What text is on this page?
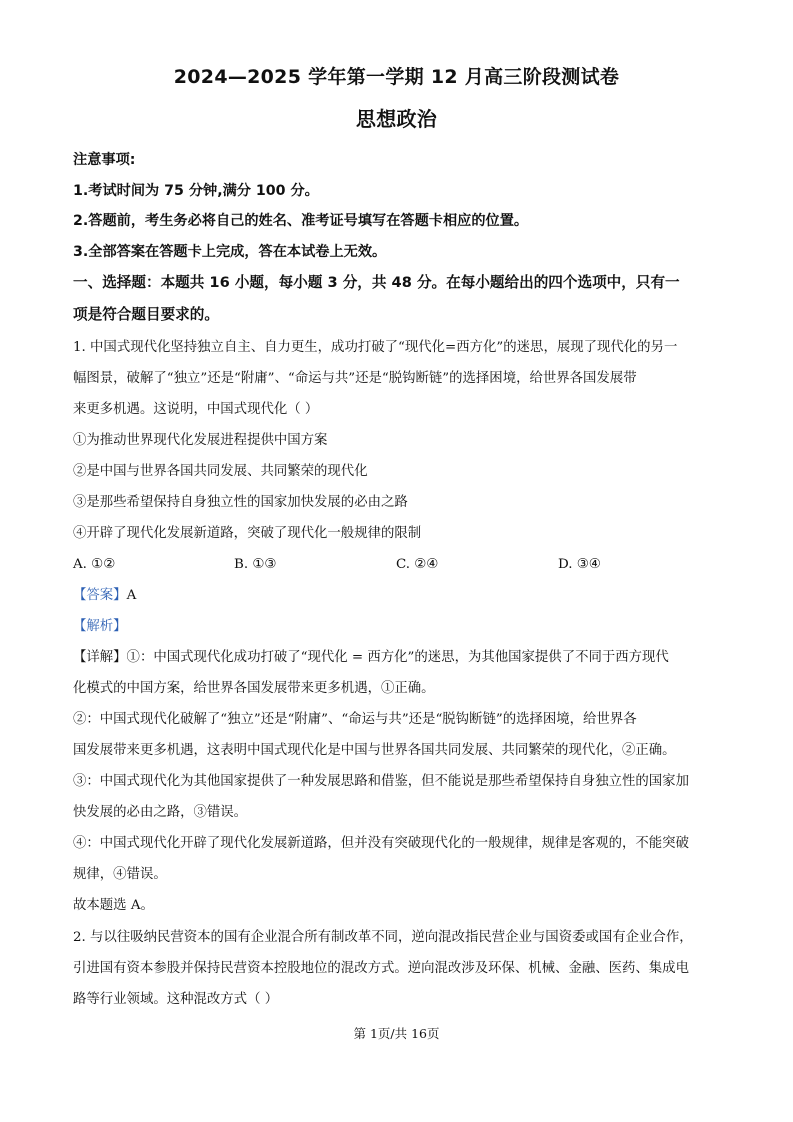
2024—2025 学年第一学期 12 月高三阶段测试卷
思想政治
注意事项:
1.考试时间为 75 分钟,满分 100 分。
2.答题前，考生务必将自己的姓名、准考证号填写在答题卡相应的位置。
3.全部答案在答题卡上完成，答在本试卷上无效。
一、选择题：本题共 16 小题，每小题 3 分，共 48 分。在每小题给出的四个选项中，只有一
项是符合题目要求的。
1. 中国式现代化坚持独立自主、自力更生，成功打破了“现代化=西方化”的迷思，展现了现代化的另一
幅图景，破解了“独立”还是“附庸”、“命运与共”还是“脱钩断链”的选择困境，给世界各国发展带
来更多机遇。这说明，中国式现代化（ ）
①为推动世界现代化发展进程提供中国方案
②是中国与世界各国共同发展、共同繁荣的现代化
③是那些希望保持自身独立性的国家加快发展的必由之路
④开辟了现代化发展新道路，突破了现代化一般规律的限制
A. ①②	B. ①③	C. ②④	D. ③④
【答案】A
【解析】
【详解】①：中国式现代化成功打破了“现代化 = 西方化”的迷思，为其他国家提供了不同于西方现代
化模式的中国方案，给世界各国发展带来更多机遇，①正确。
②：中国式现代化破解了“独立”还是“附庸”、“命运与共”还是“脱钩断链”的选择困境，给世界各
国发展带来更多机遇，这表明中国式现代化是中国与世界各国共同发展、共同繁荣的现代化，②正确。
③：中国式现代化为其他国家提供了一种发展思路和借鉴，但不能说是那些希望保持自身独立性的国家加
快发展的必由之路，③错误。
④：中国式现代化开辟了现代化发展新道路，但并没有突破现代化的一般规律，规律是客观的，不能突破
规律，④错误。
故本题选 A。
2. 与以往吸纳民营资本的国有企业混合所有制改革不同，逆向混改指民营企业与国资委或国有企业合作，
引进国有资本参股并保持民营资本控股地位的混改方式。逆向混改涉及环保、机械、金融、医药、集成电
路等行业领域。这种混改方式（ ）
第 1页/共 16页
